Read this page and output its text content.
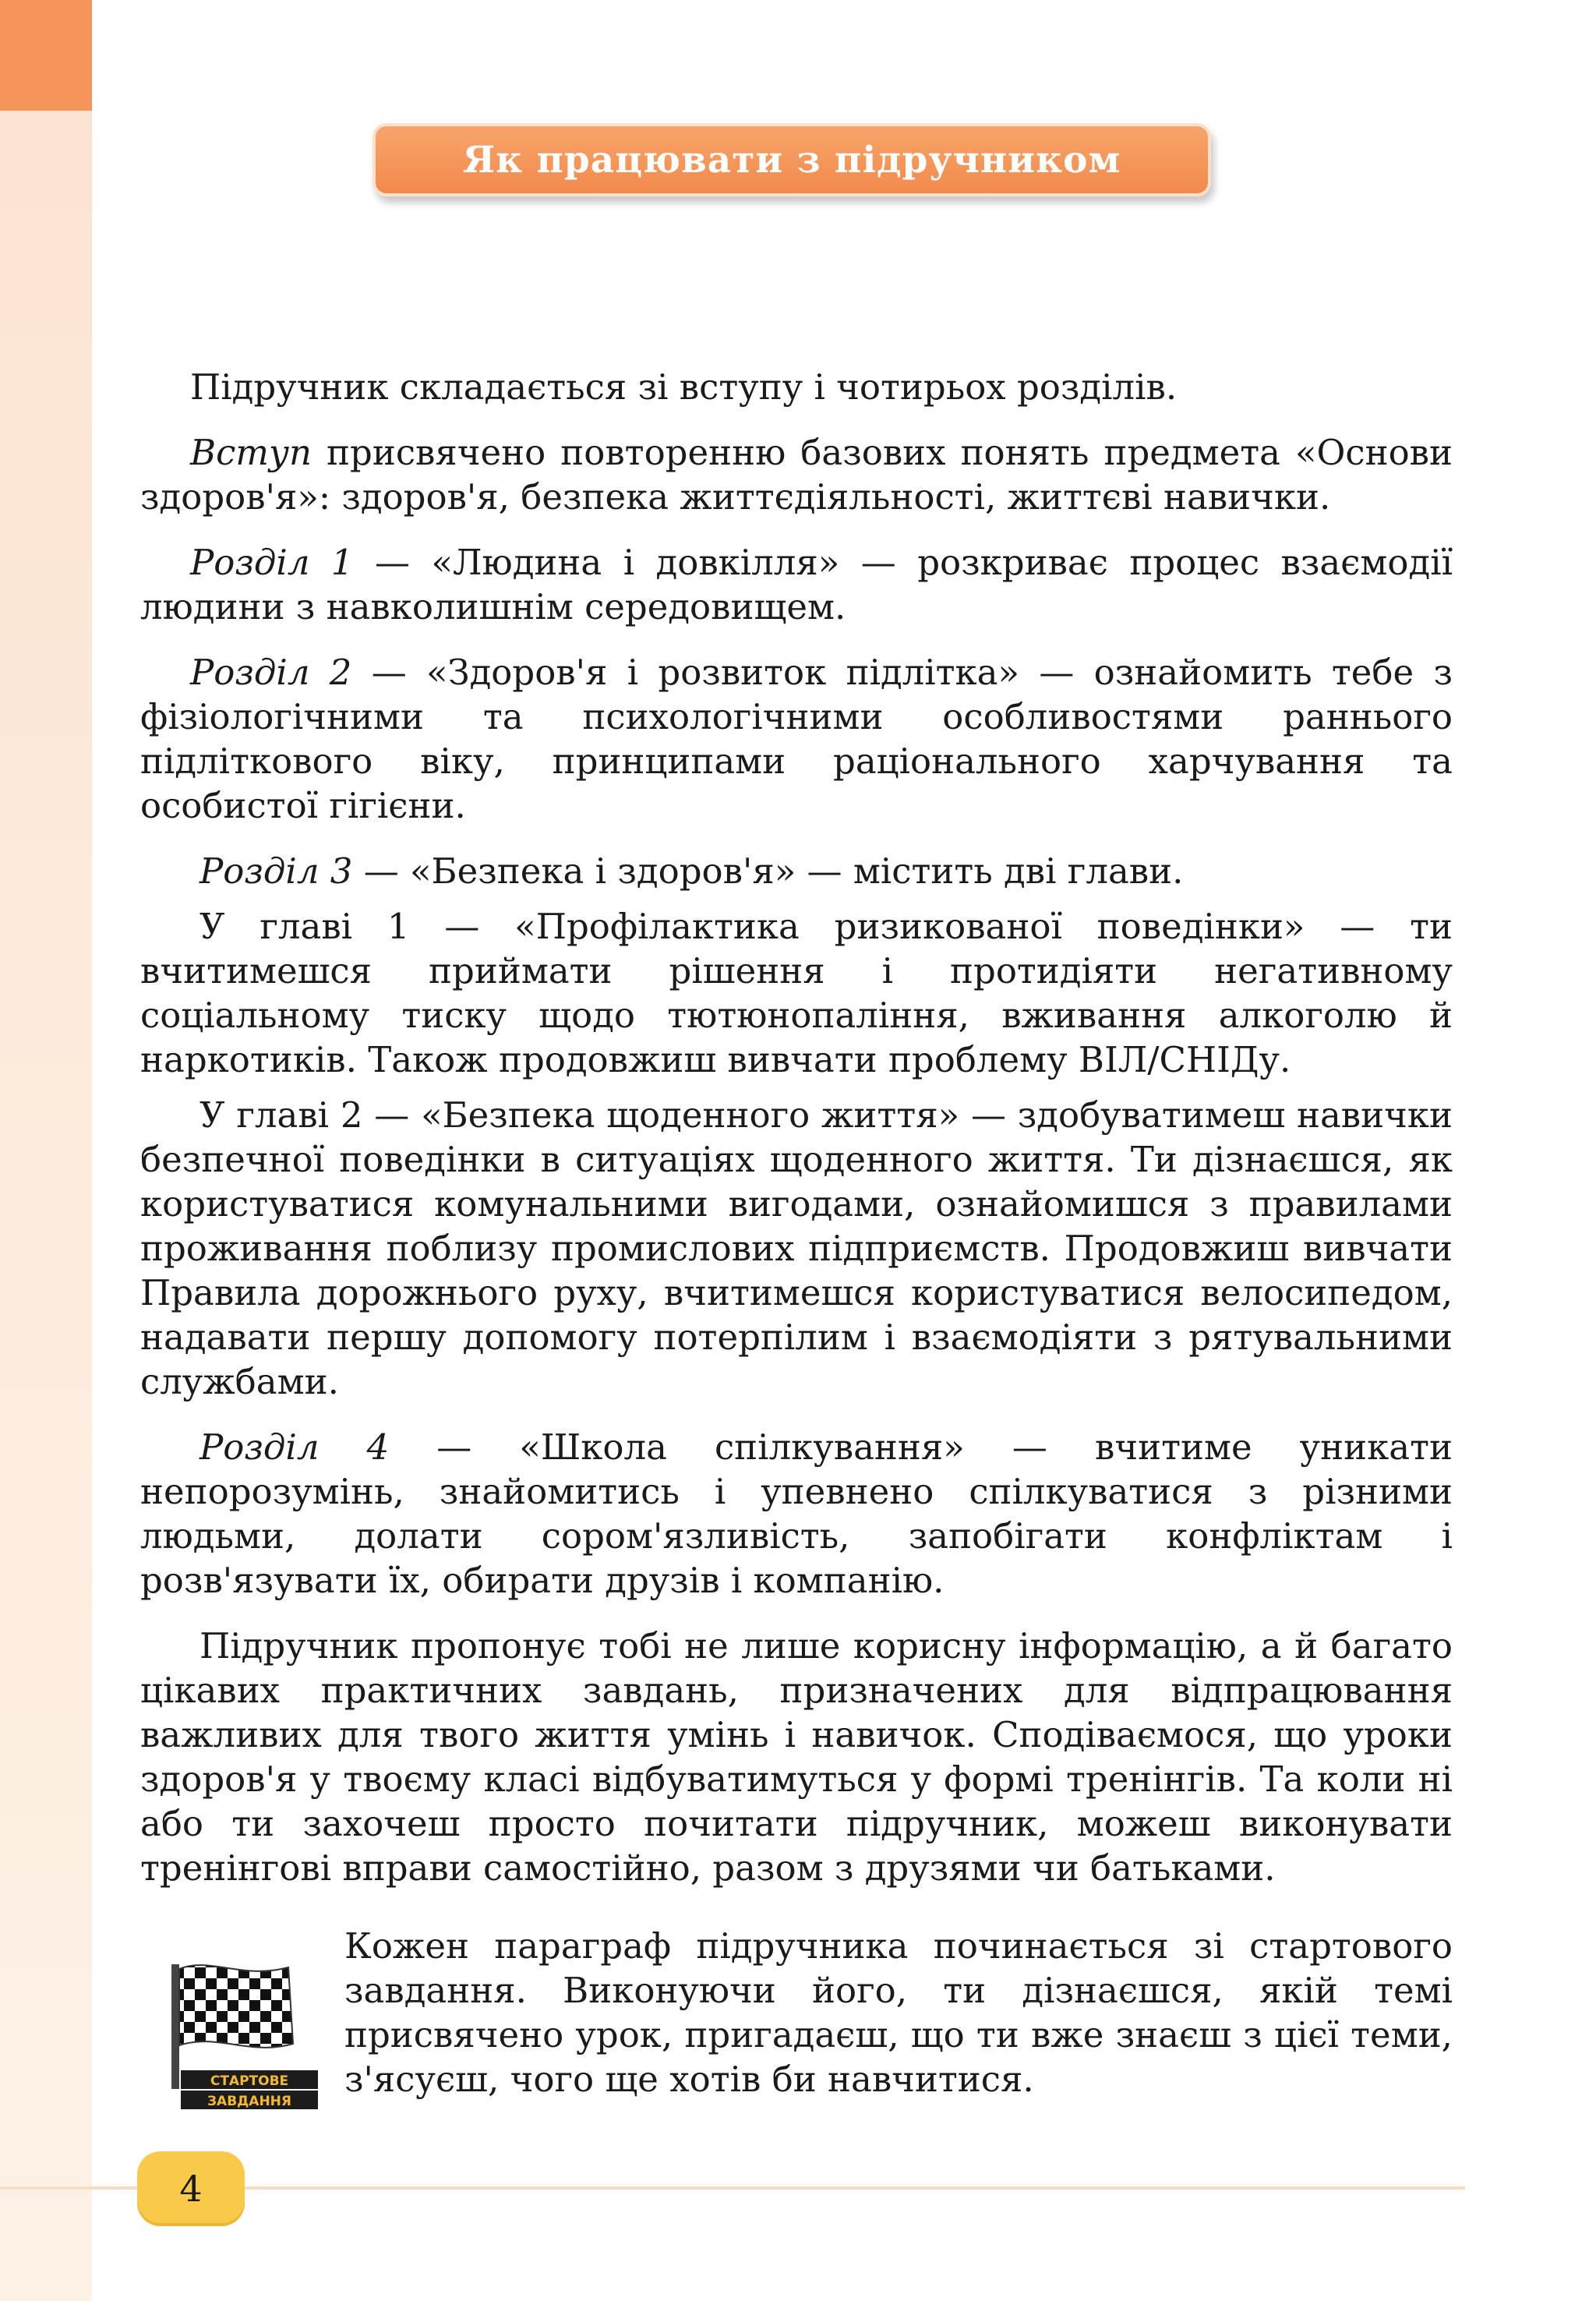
Як працювати з підручником

Підручник складається зі вступу і чотирьох розділів.

Вступ присвячено повторенню базових понять предмета «Основи здоров'я»: здоров'я, безпека життєдіяльності, життєві навички.

Розділ 1 — «Людина і довкілля» — розкриває процес взаємодії людини з навколишнім середовищем.

Розділ 2 — «Здоров'я і розвиток підлітка» — ознайомить тебе з фізіологічними та психологічними особливостями раннього підліткового віку, принципами раціонального харчування та особистої гігієни.

Розділ 3 — «Безпека і здоров'я» — містить дві глави.

У главі 1 — «Профілактика ризикованої поведінки» — ти вчитимешся приймати рішення і протидіяти негативному соціальному тиску щодо тютюнопаління, вживання алкоголю й наркотиків. Також продовжиш вивчати проблему ВІЛ/СНІДу.

У главі 2 — «Безпека щоденного життя» — здобуватимеш навички безпечної поведінки в ситуаціях щоденного життя. Ти дізнаєшся, як користуватися комунальними вигодами, ознайомишся з правилами проживання поблизу промислових підприємств. Продовжиш вивчати Правила дорожнього руху, вчитимешся користуватися велосипедом, надавати першу допомогу потерпілим і взаємодіяти з рятувальними службами.

Розділ 4 — «Школа спілкування» — вчитиме уникати непорозумінь, знайомитись і упевнено спілкуватися з різними людьми, долати сором'язливість, запобігати конфліктам і розв'язувати їх, обирати друзів і компанію.

Підручник пропонує тобі не лише корисну інформацію, а й багато цікавих практичних завдань, призначених для відпрацювання важливих для твого життя умінь і навичок. Сподіваємося, що уроки здоров'я у твоєму класі відбуватимуться у формі тренінгів. Та коли ні або ти захочеш просто почитати підручник, можеш виконувати тренінгові вправи самостійно, разом з друзями чи батьками.

СТАРТОВЕ
ЗАВДАННЯ

Кожен параграф підручника починається зі стартового завдання. Виконуючи його, ти дізнаєшся, якій темі присвячено урок, пригадаєш, що ти вже знаєш з цієї теми, з'ясуєш, чого ще хотів би навчитися.

4
